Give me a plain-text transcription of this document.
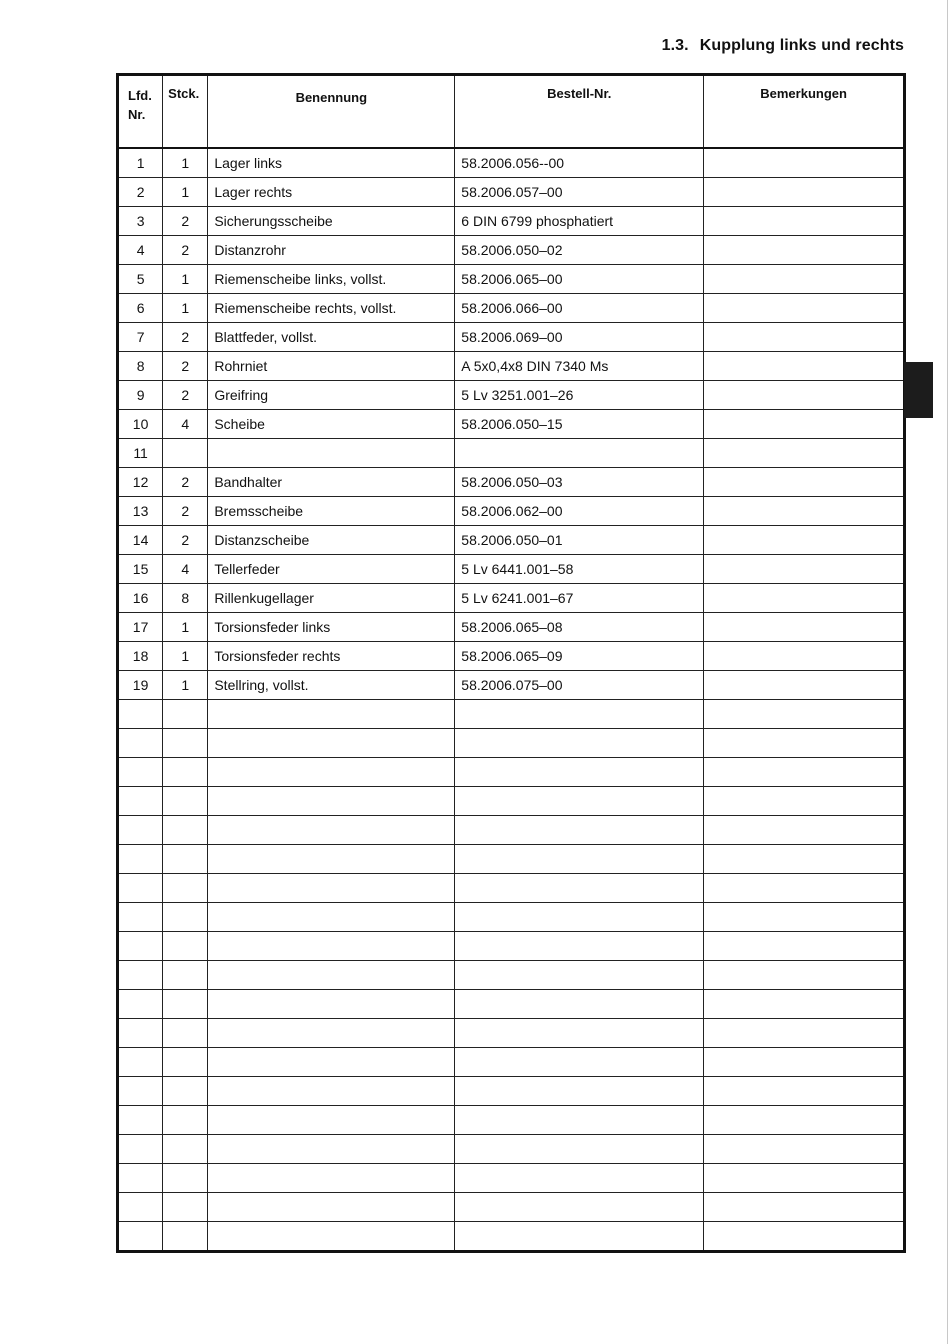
1.3. Kupplung links und rechts
Lfd.
Nr.	Stck.	Benennung	Bestell-Nr.	Bemerkungen
1	1	Lager links	58.2006.056--00	
2	1	Lager rechts	58.2006.057–00	
3	2	Sicherungsscheibe	6 DIN 6799 phosphatiert	
4	2	Distanzrohr	58.2006.050–02	
5	1	Riemenscheibe links, vollst.	58.2006.065–00	
6	1	Riemenscheibe rechts, vollst.	58.2006.066–00	
7	2	Blattfeder, vollst.	58.2006.069–00	
8	2	Rohrniet	A 5x0,4x8 DIN 7340 Ms	
9	2	Greifring	5 Lv 3251.001–26	
10	4	Scheibe	58.2006.050–15	
11				
12	2	Bandhalter	58.2006.050–03	
13	2	Bremsscheibe	58.2006.062–00	
14	2	Distanzscheibe	58.2006.050–01	
15	4	Tellerfeder	5 Lv 6441.001–58	
16	8	Rillenkugellager	5 Lv 6241.001–67	
17	1	Torsionsfeder links	58.2006.065–08	
18	1	Torsionsfeder rechts	58.2006.065–09	
19	1	Stellring, vollst.	58.2006.075–00	
